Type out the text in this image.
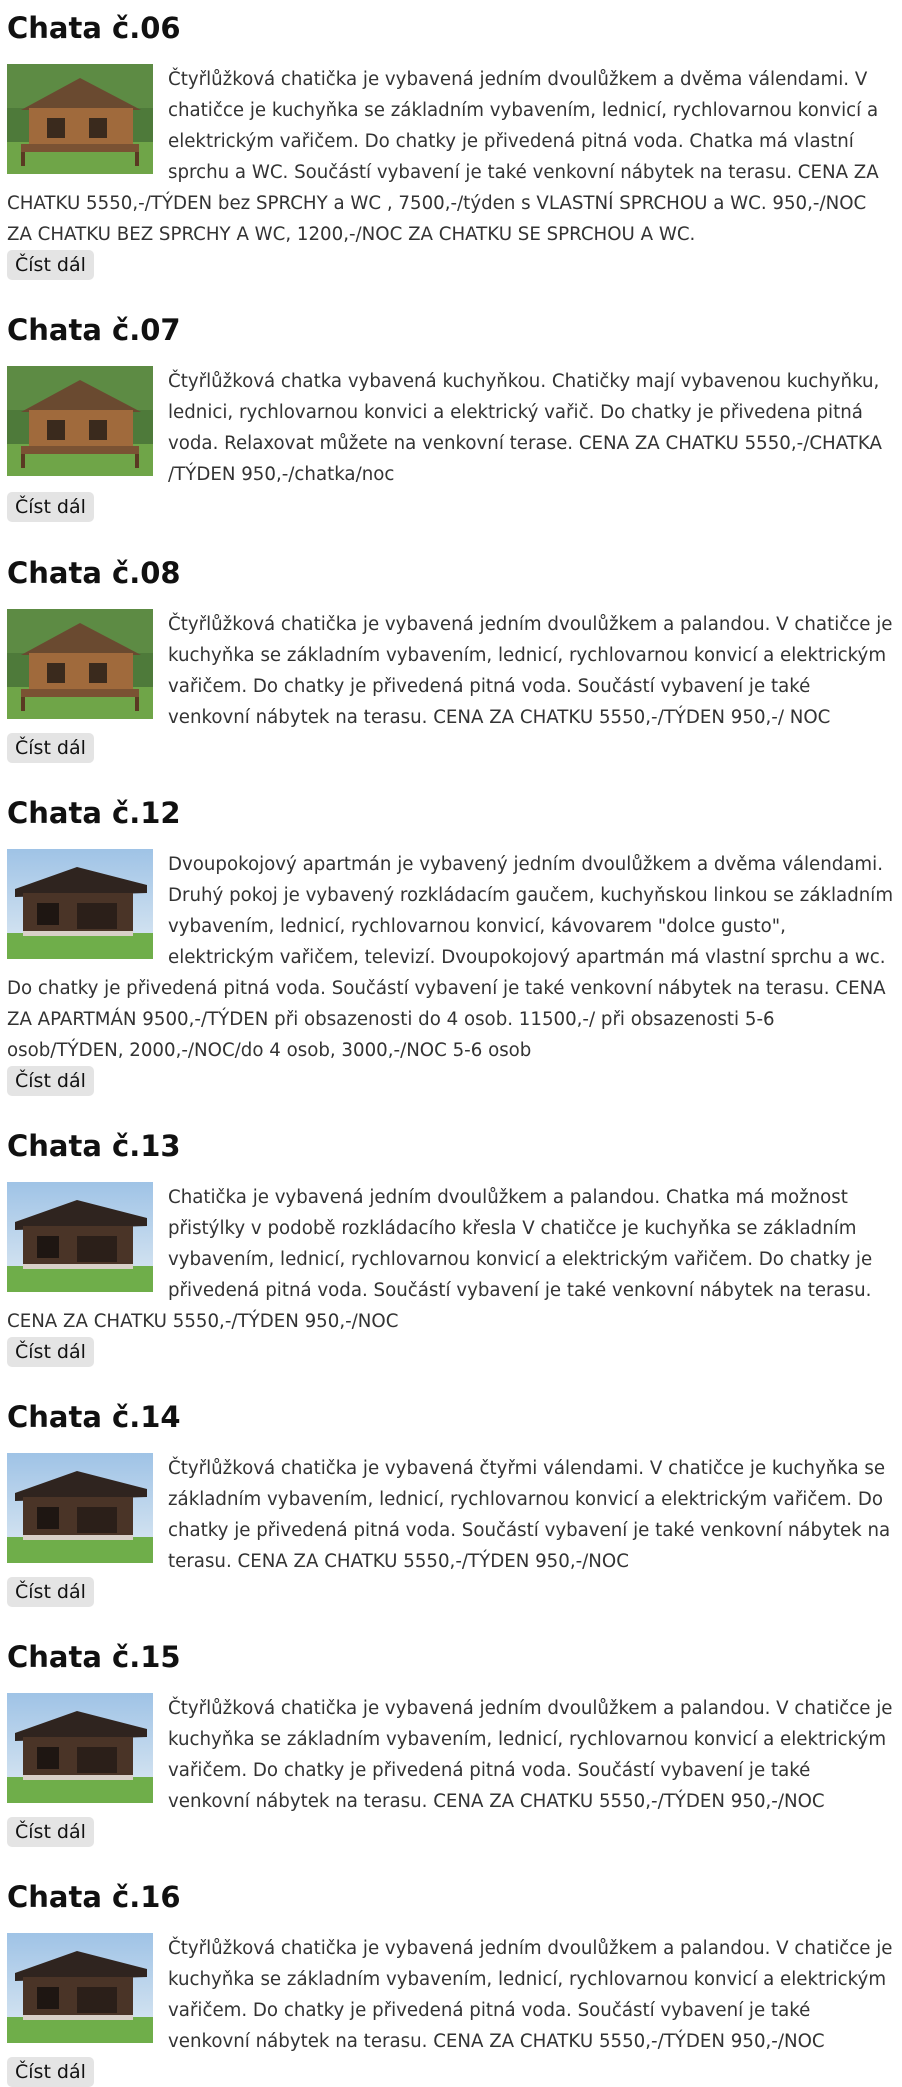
Chata č.06
Čtyřlůžková chatička je vybavená jedním dvoulůžkem a dvěma válendami. V chatičce je kuchyňka se základním vybavením, lednicí, rychlovarnou konvicí a elektrickým vařičem. Do chatky je přivedená pitná voda. Chatka má vlastní sprchu a WC. Součástí vybavení je také venkovní nábytek na terasu. CENA ZA CHATKU 5550,-/TÝDEN bez SPRCHY a WC , 7500,-/týden s VLASTNÍ SPRCHOU a WC. 950,-/NOC ZA CHATKU BEZ SPRCHY A WC, 1200,-/NOC ZA CHATKU SE SPRCHOU A WC.
Číst dál
Chata č.07
Čtyřlůžková chatka vybavená kuchyňkou. Chatičky mají vybavenou kuchyňku, lednici, rychlovarnou konvici a elektrický vařič. Do chatky je přivedena pitná voda. Relaxovat můžete na venkovní terase. CENA ZA CHATKU 5550,-/CHATKA /TÝDEN 950,-/chatka/noc
Číst dál
Chata č.08
Čtyřlůžková chatička je vybavená jedním dvoulůžkem a palandou. V chatičce je kuchyňka se základním vybavením, lednicí, rychlovarnou konvicí a elektrickým vařičem. Do chatky je přivedená pitná voda. Součástí vybavení je také venkovní nábytek na terasu. CENA ZA CHATKU 5550,-/TÝDEN 950,-/ NOC
Číst dál
Chata č.12
Dvoupokojový apartmán je vybavený jedním dvoulůžkem a dvěma válendami. Druhý pokoj je vybavený rozkládacím gaučem, kuchyňskou linkou se základním vybavením, lednicí, rychlovarnou konvicí, kávovarem "dolce gusto", elektrickým vařičem, televizí. Dvoupokojový apartmán má vlastní sprchu a wc. Do chatky je přivedená pitná voda. Součástí vybavení je také venkovní nábytek na terasu. CENA ZA APARTMÁN 9500,-/TÝDEN při obsazenosti do 4 osob. 11500,-/ při obsazenosti 5-6 osob/TÝDEN, 2000,-/NOC/do 4 osob, 3000,-/NOC 5-6 osob
Číst dál
Chata č.13
Chatička je vybavená jedním dvoulůžkem a palandou. Chatka má možnost přistýlky v podobě rozkládacího křesla V chatičce je kuchyňka se základním vybavením, lednicí, rychlovarnou konvicí a elektrickým vařičem. Do chatky je přivedená pitná voda. Součástí vybavení je také venkovní nábytek na terasu. CENA ZA CHATKU 5550,-/TÝDEN 950,-/NOC
Číst dál
Chata č.14
Čtyřlůžková chatička je vybavená čtyřmi válendami. V chatičce je kuchyňka se základním vybavením, lednicí, rychlovarnou konvicí a elektrickým vařičem. Do chatky je přivedená pitná voda. Součástí vybavení je také venkovní nábytek na terasu. CENA ZA CHATKU 5550,-/TÝDEN 950,-/NOC
Číst dál
Chata č.15
Čtyřlůžková chatička je vybavená jedním dvoulůžkem a palandou. V chatičce je kuchyňka se základním vybavením, lednicí, rychlovarnou konvicí a elektrickým vařičem. Do chatky je přivedená pitná voda. Součástí vybavení je také venkovní nábytek na terasu. CENA ZA CHATKU 5550,-/TÝDEN 950,-/NOC
Číst dál
Chata č.16
Čtyřlůžková chatička je vybavená jedním dvoulůžkem a palandou. V chatičce je kuchyňka se základním vybavením, lednicí, rychlovarnou konvicí a elektrickým vařičem. Do chatky je přivedená pitná voda. Součástí vybavení je také venkovní nábytek na terasu. CENA ZA CHATKU 5550,-/TÝDEN 950,-/NOC
Číst dál
